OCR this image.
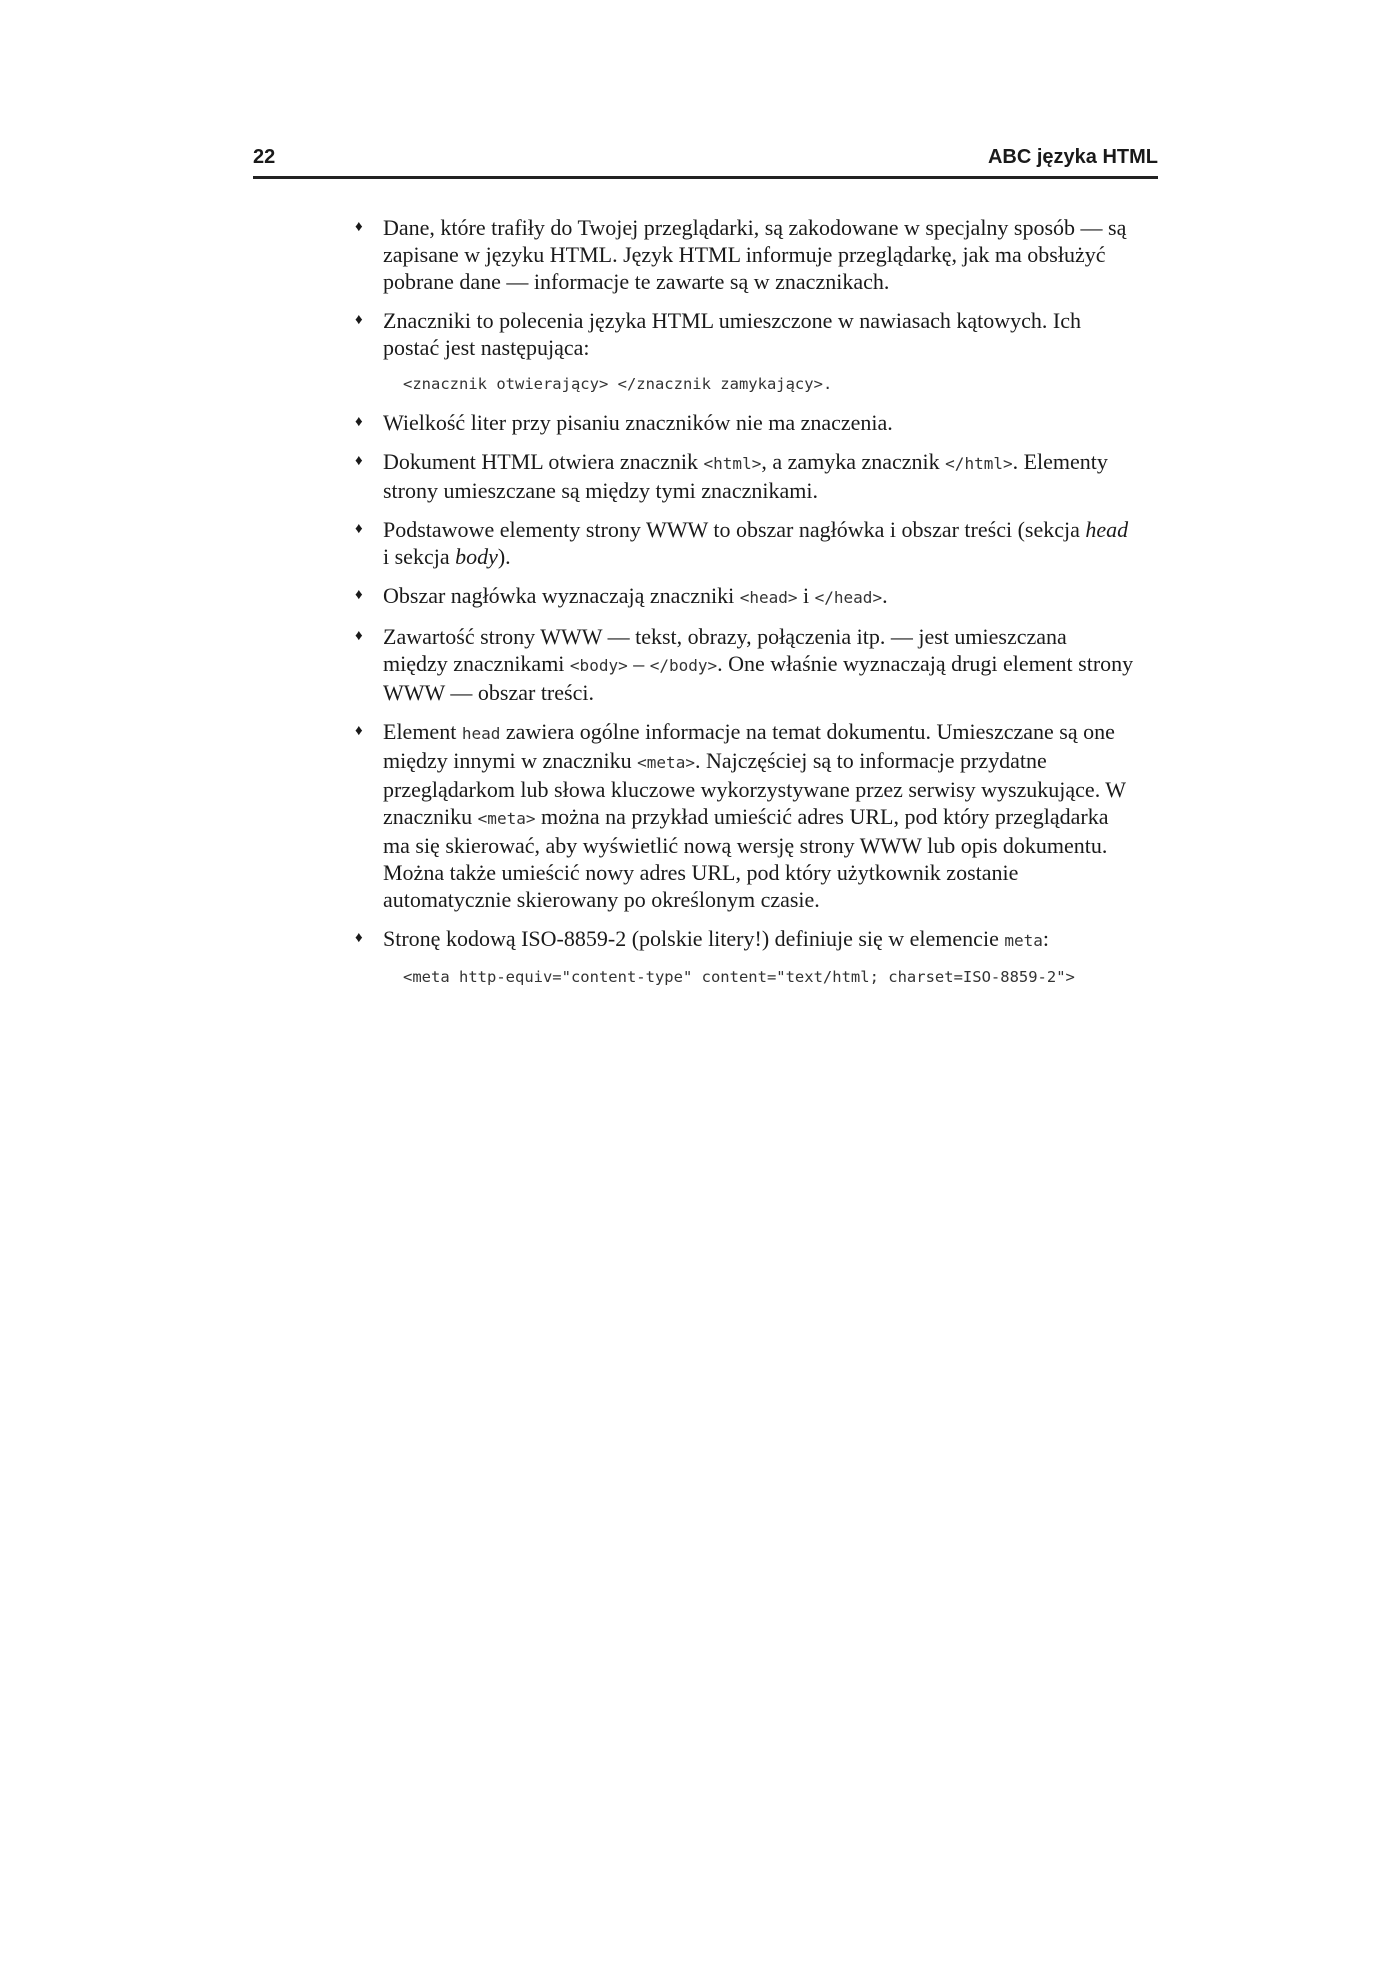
22	ABC języka HTML
♦ Dane, które trafiły do Twojej przeglądarki, są zakodowane w specjalny sposób — są zapisane w języku HTML. Język HTML informuje przeglądarkę, jak ma obsłużyć pobrane dane — informacje te zawarte są w znacznikach.
♦ Znaczniki to polecenia języka HTML umieszczone w nawiasach kątowych. Ich postać jest następująca:
<znacznik otwierający> </znacznik zamykający>.
♦ Wielkość liter przy pisaniu znaczników nie ma znaczenia.
♦ Dokument HTML otwiera znacznik <html>, a zamyka znacznik </html>. Elementy strony umieszczane są między tymi znacznikami.
♦ Podstawowe elementy strony WWW to obszar nagłówka i obszar treści (sekcja head i sekcja body).
♦ Obszar nagłówka wyznaczają znaczniki <head> i </head>.
♦ Zawartość strony WWW — tekst, obrazy, połączenia itp. — jest umieszczana między znacznikami <body> – </body>. One właśnie wyznaczają drugi element strony WWW — obszar treści.
♦ Element head zawiera ogólne informacje na temat dokumentu. Umieszczane są one między innymi w znaczniku <meta>. Najczęściej są to informacje przydatne przeglądarkom lub słowa kluczowe wykorzystywane przez serwisy wyszukujące. W znaczniku <meta> można na przykład umieścić adres URL, pod który przeglądarka ma się skierować, aby wyświetlić nową wersję strony WWW lub opis dokumentu. Można także umieścić nowy adres URL, pod który użytkownik zostanie automatycznie skierowany po określonym czasie.
♦ Stronę kodową ISO-8859-2 (polskie litery!) definiuje się w elemencie meta:
<meta http-equiv="content-type" content="text/html; charset=ISO-8859-2">
